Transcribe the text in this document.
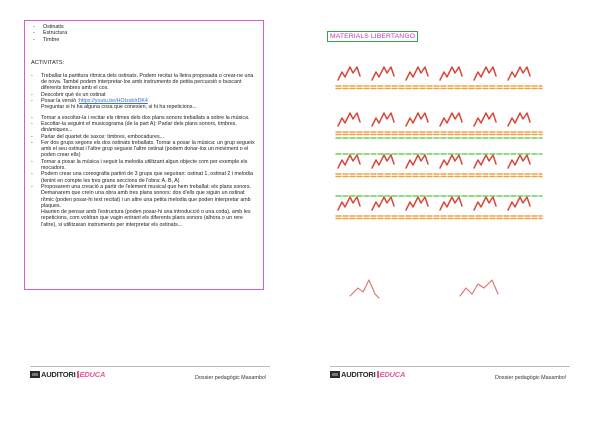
- Ostinatis
- Estructura
- Timbre
ACTIVITATS:
- Treballar la partitura rítmica dels ostinats. Podem recitar la lletra proposada o crear-ne una de nova. També podem interpretar-los amb instruments de petita percussió o buscant diferents timbres amb el cos.
- Descobrir què és un ostinat
- Posar la versió :https://youtu.be/HOIzsbIrDK4
Preguntar si hi ha alguna cosa que conexien, si hi ha repeticions...
- Tornar a escoltar-la i recitar els ritmes dels dos plans sonors treballats a sobre la música.
- Escoltar-la seguint el musicograma (de la part A): Parlar dels plans sonors, timbres, dinàmiques...
- Parlar del quartet de saxos: timbres, embocadures...
- Fer dos grups segons els dos ostinats treballats. Tornar a posar la música: un grup segueix amb el seu ostinat i l'altre grup segueix l'altre ostinat (podem donar-los un moviment o el poden crear ells)
- Tornar a posar la música i seguir la melodia utilitzant algun objecte com per exemple els mocadors.
- Podem crear una coreografia partint de 3 grups que seguiran: ostinat 1, ostinat 2 i melodia (tenint en compte les tres grans seccions de l'obra: A, B, A)
- Proposarem una creació a partir de l'element musical que hem treballat: els plans sonors. Demanarem que creïn una obra amb tres plans sonors: dos d'ells que siguin un ostinat rítmic (poden posar-hi text recitat) i un altre una petita melodia que poden interpretar amb plaques.
Haurien de pensar amb l'estructura (poden posar-hi una introducció o una coda), amb les repeticions, com voldran que vagin entrant els diferents plans sonors (alhora o un rere l'altre), si utilitzaran instruments per interpretar els ostinats...
AUDITORI EDUCA	Dossier pedagògic Masambo!
MATERIALS LIBERTANGO
AUDITORI EDUCA	Dossier pedagògic Masambo!
